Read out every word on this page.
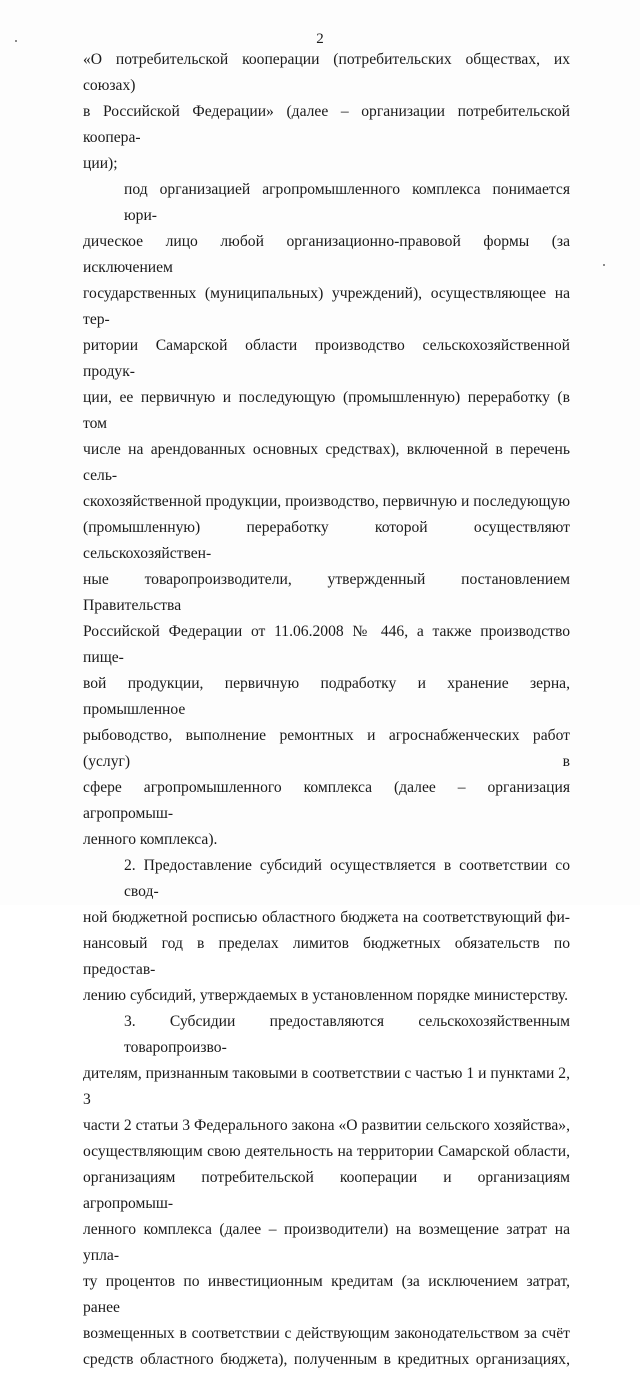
2

«О потребительской кооперации (потребительских обществах, их союзах)

в Российской Федерации» (далее – организации потребительской коопера-

ции);

под организацией агропромышленного комплекса понимается юри-

дическое лицо любой организационно-правовой формы (за исключением

государственных (муниципальных) учреждений), осуществляющее на тер-

ритории Самарской области производство сельскохозяйственной продук-

ции, ее первичную и последующую (промышленную) переработку (в том

числе на арендованных основных средствах), включенной в перечень сель-

скохозяйственной продукции, производство, первичную и последующую

(промышленную) переработку которой осуществляют сельскохозяйствен-

ные товаропроизводители, утвержденный постановлением Правительства

Российской Федерации от 11.06.2008 № 446, а также производство пище-

вой продукции, первичную подработку и хранение зерна, промышленное

рыбоводство, выполнение ремонтных и агроснабженческих работ (услуг) в

сфере агропромышленного комплекса (далее – организация агропромыш-

ленного комплекса).

2. Предоставление субсидий осуществляется в соответствии со свод-

ной бюджетной росписью областного бюджета на соответствующий фи-

нансовый год в пределах лимитов бюджетных обязательств по предостав-

лению субсидий, утверждаемых в установленном порядке министерству.

3. Субсидии предоставляются сельскохозяйственным товаропроизво-

дителям, признанным таковыми в соответствии с частью 1 и пунктами 2, 3

части 2 статьи 3 Федерального закона «О развитии сельского хозяйства»,

осуществляющим свою деятельность на территории Самарской области,

организациям потребительской кооперации и организациям агропромыш-

ленного комплекса (далее – производители) на возмещение затрат на упла-

ту процентов по инвестиционным кредитам (за исключением затрат, ранее

возмещенных в соответствии с действующим законодательством за счёт

средств областного бюджета), полученным в кредитных организациях,
